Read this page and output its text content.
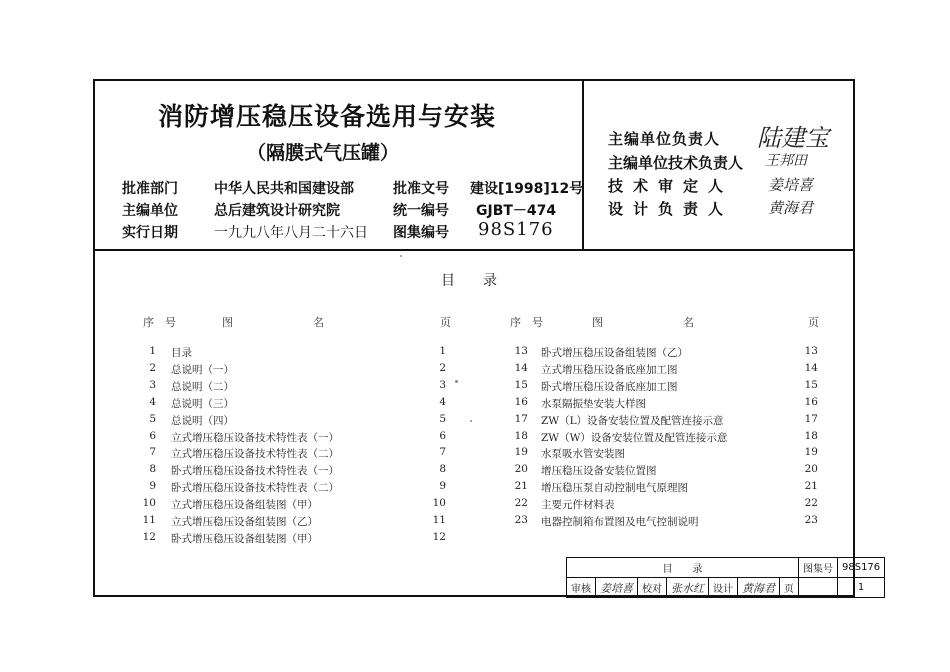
消防增压稳压设备选用与安装
（隔膜式气压罐）
批准部门	中华人民共和国建设部	批准文号 建设[1998]12号
主编单位	总后建筑设计研究院	统一编号 GJBT－474
实行日期	一九九八年八月二十六日 图集编号 98S176
主编单位负责人 陆建宝
主编单位技术负责人 王邦田
技术审定人 姜培喜
设计负责人 黄海君
目　　录
序　号	图	名	页	序　号	图	名	页
1 目录	1
2 总说明（一）	2
3 总说明（二）	3
4 总说明（三）	4
5 总说明（四）	5
6 立式增压稳压设备技术特性表（一）	6
7 立式增压稳压设备技术特性表（二）	7
8 卧式增压稳压设备技术特性表（一）	8
9 卧式增压稳压设备技术特性表（二）	9
10 立式增压稳压设备组装图（甲）	10
11 立式增压稳压设备组装图（乙）	11
12 卧式增压稳压设备组装图（甲）	12
13 卧式增压稳压设备组装图（乙）	13
14 立式增压稳压设备底座加工图	14
15 卧式增压稳压设备底座加工图	15
16 水泵隔振垫安装大样图	16
17 ZW（L）设备安装位置及配管连接示意	17
18 ZW（W）设备安装位置及配管连接示意	18
19 水泵吸水管安装图	19
20 增压稳压设备安装位置图	20
21 增压稳压泵自动控制电气原理图	21
22 主要元件材料表	22
23 电器控制箱布置图及电气控制说明	23
目　　录							图集号	98S176
审核	姜培喜	校对	张水红	设计	黄海君	页		1
